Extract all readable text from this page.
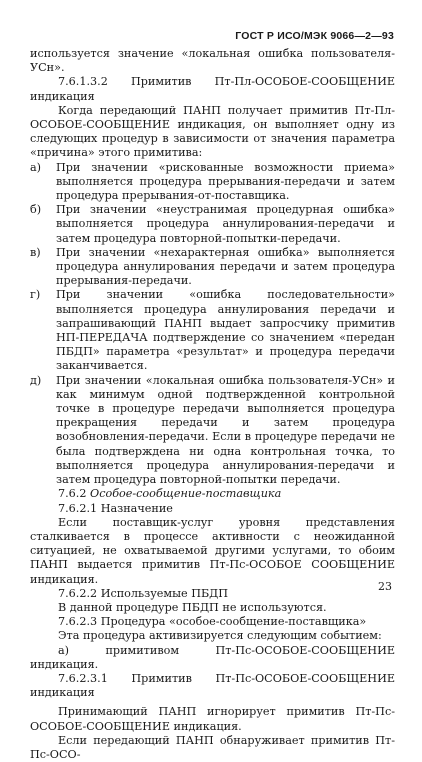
ГОСТ Р ИСО/МЭК 9066—2—93

используется значение «локальная ошибка пользователя-УСн».

7.6.1.3.2 Примитив Пт-Пл-ОСОБОЕ-СООБЩЕНИЕ индикация

Когда передающий ПАНП получает примитив Пт-Пл-ОСОБОЕ-СООБЩЕНИЕ индикация, он выполняет одну из следующих процедур в зависимости от значения параметра «причина» этого примитива:

а)	При значении «рискованные возможности приема» выполняется процедура прерывания-передачи и затем процедура прерывания-от-поставщика.
б)	При значении «неустранимая процедурная ошибка» выполняется процедура аннулирования-передачи и затем процедура повторной-попытки-передачи.
в)	При значении «нехарактерная ошибка» выполняется процедура аннулирования передачи и затем процедура прерывания-передачи.
г)	При значении «ошибка последовательности» выполняется процедура аннулирования передачи и запрашивающий ПАНП выдает запросчику примитив НП-ПЕРЕДАЧА подтверждение со значением «передан ПБДП» параметра «результат» и процедура передачи заканчивается.
д)	При значении «локальная ошибка пользователя-УСн» и как минимум одной подтвержденной контрольной точке в процедуре передачи выполняется процедура прекращения передачи и затем процедура возобновления-передачи. Если в процедуре передачи не была подтверждена ни одна контрольная точка, то выполняется процедура аннулирования-передачи и затем процедура повторной-попытки передачи.

7.6.2 Особое-сообщение-поставщика

7.6.2.1 Назначение

Если поставщик-услуг уровня представления сталкивается в процессе активности с неожиданной ситуацией, не охватываемой другими услугами, то обоим ПАНП выдается примитив Пт-Пс-ОСОБОЕ СООБЩЕНИЕ индикация.

7.6.2.2 Используемые ПБДП

В данной процедуре ПБДП не используются.

7.6.2.3 Процедура «особое-сообщение-поставщика»

Эта процедура активизируется следующим событием:

а) примитивом Пт-Пс-ОСОБОЕ-СООБЩЕНИЕ индикация.

7.6.2.3.1 Примитив Пт-Пс-ОСОБОЕ-СООБЩЕНИЕ индикация

Принимающий ПАНП игнорирует примитив Пт-Пс-ОСОБОЕ-СООБЩЕНИЕ индикация.

Если передающий ПАНП обнаруживает примитив Пт-Пс-ОСО-

23
